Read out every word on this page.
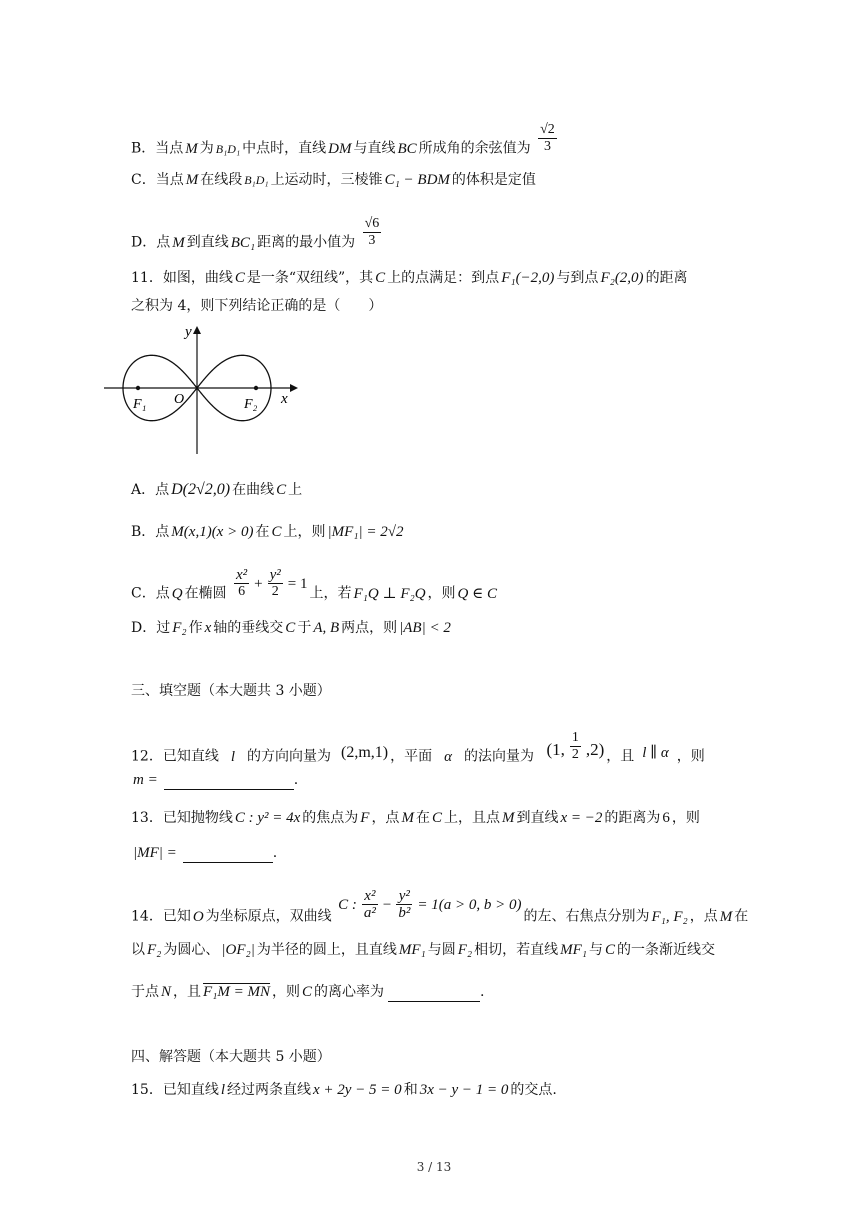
B．当点 M 为 B₁D₁ 中点时，直线 DM 与直线 BC 所成角的余弦值为 $\frac{√2}{3}$
C．当点 M 在线段 B₁D₁ 上运动时，三棱锥 C₁ − BDM 的体积是定值
D．点 M 到直线 BC₁ 距离的最小值为 $\frac{√6}{3}$
11．如图，曲线 C 是一条“双纽线”，其 C 上的点满足：到点 F₁(−2,0) 与到点 F₂(2,0) 的距离
之积为 4，则下列结论正确的是（　　）
y
O	x
F₁	F₂
A．点 D(2√2,0) 在曲线 C 上
B．点 M(x,1)(x > 0) 在 C 上，则 |MF₁| = 2√2
C．点 Q 在椭圆 $\frac{\text{x²}}{6} + \frac{\text{y²}}{2} = 1$上，若 F₁Q ⊥ F₂Q ，则 Q ∈ C
D．过 F₂ 作 x 轴的垂线交 C 于 A, B 两点，则 |AB| < 2
三、填空题（本大题共 3 小题）
12．已知直线 l 的方向向量为 (2,m,1) ，平面 α 的法向量为 (1, $\frac{1}{2} ,2$) ，且 l ∥ α ，则
m =	.
13．已知抛物线 C : y² = 4x 的焦点为 F ，点 M 在 C 上，且点 M 到直线 x = −2 的距离为 6 ，则
|MF| =	.
14．已知 O 为坐标原点，双曲线 C : $\frac{\text{x²}}{\text{a²}} - \frac{\text{y²}}{\text{b²}} = 1(a > 0$, b > 0)的左、右焦点分别为 F₁, F₂ ，点 M 在
以 F₂ 为圆心、 |OF₂| 为半径的圆上，且直线 MF₁ 与圆 F₂ 相切，若直线 MF₁ 与 C 的一条渐近线交
于点 N ，且 F₁M = MN ，则 C 的离心率为	.
四、解答题（本大题共 5 小题）
15．已知直线 l 经过两条直线 x + 2y − 5 = 0 和 3x − y − 1 = 0 的交点.
3 / 13
